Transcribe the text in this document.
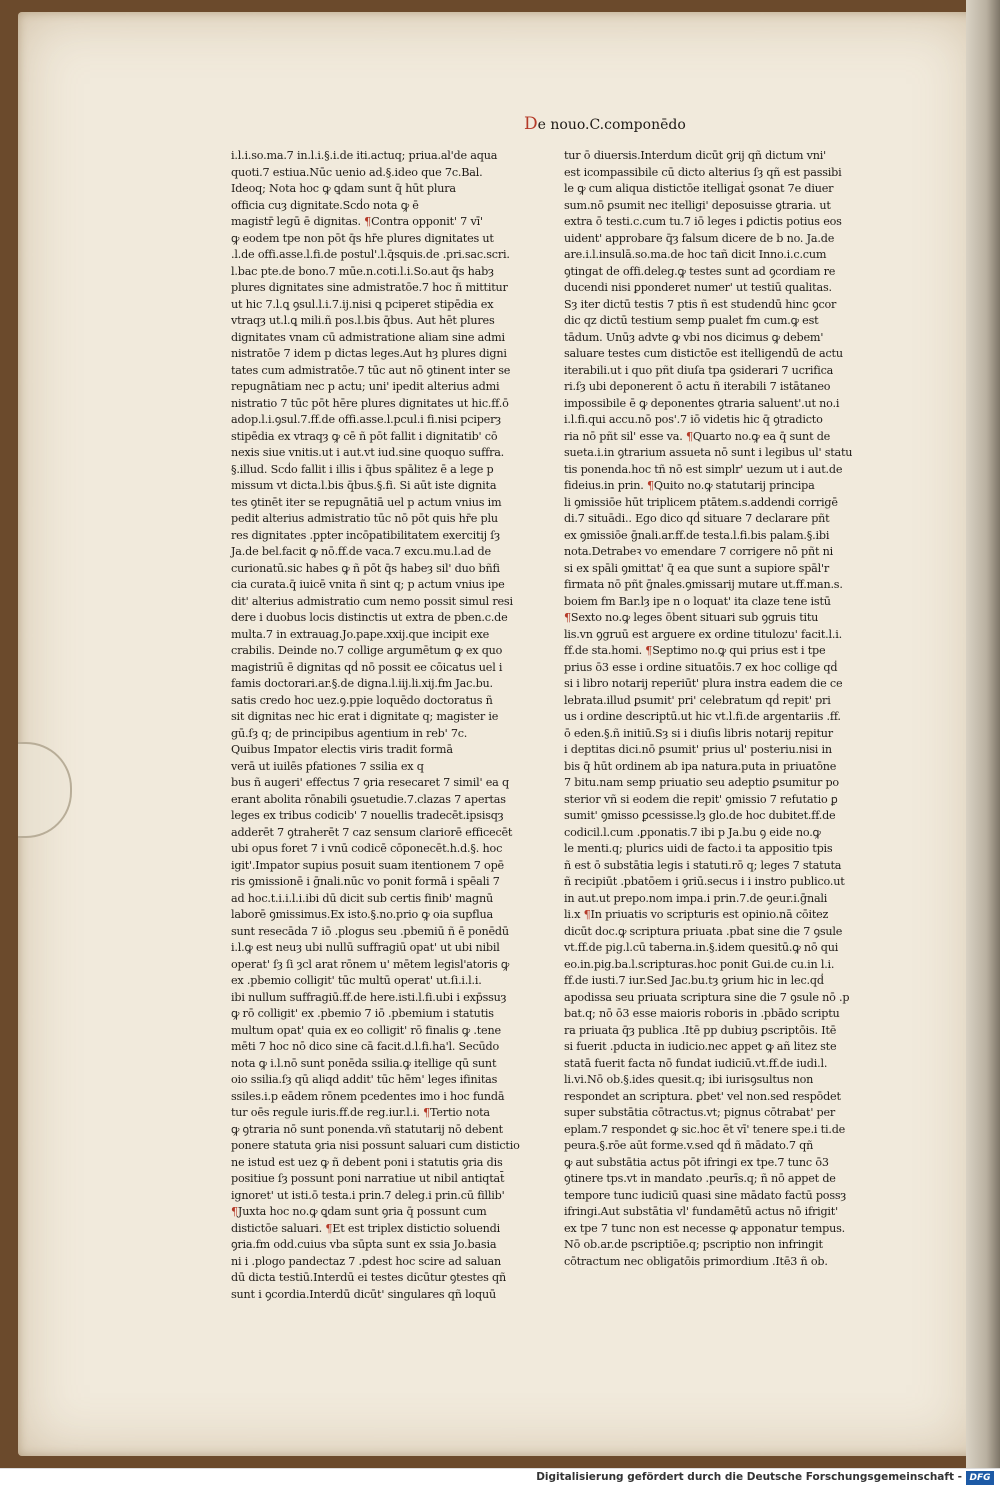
De nouo.C.componēdo
i.l.i.so.ma.7 in.l.i.§.i.de iti.actuq; priua.al'de aqua
quoti.7 estiua.Nūc uenio ad.§.ideo que 7c.Bal.
Ideoq; Nota hoc ꝙ ꝗdam sunt q̄ hūt plura
officia cuȝ dignitate.Scḋo nota ꝙ ē
magistr̄ legū ē dignitas. ¶Contra opponit' 7 vī'
ꝙ eodem tpe non pōt q̄s hr̄e plures dignitates ut
.l.de offi.asse.l.fi.de postul'.l.q̄squis.de .pri.sac.scri.
l.bac pte.de bono.7 mūe.n.coti.l.i.So.aut q̄s habȝ
plures dignitates sine admistratōe.7 hoc ñ mittitur
ut hic 7.l.ꝗ ꝯsul.l.i.7.ij.nisi ꝗ pciperet stipēdia ex
vtraqȝ ut.l.ꝗ mili.ñ pos.l.bis q̄bus. Aut hēt plures
dignitates vnam cū admistratione aliam sine admi
nistratōe 7 idem p dictas leges.Aut hȝ plures digni
tates cum admistratōe.7 tūc aut nō ꝯtinent inter se
repugnātiam nec p actu; uni' ipedit alterius admi
nistratio 7 tūc pōt hēre plures dignitates ut hic.ff.ō
adop.l.i.ꝯsul.7.ff.de offi.asse.l.pcul.i fi.nisi pciperȝ
stipēdia ex vtraqȝ ꝙ cē ñ pōt fallit i dignitatib' cō
nexis siue vnitis.ut i aut.vt iud.sine quoquo suffra.
§.illud. Scḋo fallit i illis i q̄bus spālitez ē a lege p
missum vt dicta.l.bis q̄bus.§.fi. Si aūt iste dignita
tes ꝯtinēt iter se repugnātiā uel p actum vnius im
pedit alterius admistratio tūc nō pōt quis hr̄e plu
res dignitates .ppter incōpatibilitatem exercitij ſȝ
Ja.de bel.facit ꝙ nō.ff.de vaca.7 excu.mu.l.ad de
curionatū.sic habes ꝙ ñ pōt q̄s habeȝ sil' duo bñfi
cia curata.q̄ iuicē vnita ñ sint q; p actum vnius ipe
dit' alterius admistratio cum nemo possit simul resi
dere i duobus locis distinctis ut extra de pben.c.de
multa.7 in extrauag.Jo.pape.xxij.que incipit exe
crabilis. Deinde no.7 collige argumētum ꝙ ex quo
magistriū ē dignitas qḋ nō possit ee cōicatus uel i
famis doctorari.ar.§.de digna.l.iij.li.xij.fm Jac.bu.
satis credo hoc uez.ꝯ.ppie loquēdo doctoratus ñ
sit dignitas nec hic erat i dignitate q; magister ie
gū.ſȝ q; de principibus agentium in reb' 7c.
Quibus Impator electis viris tradit formā
verā ut iuilēs pfationes 7 ssilia ex q
bus ñ augeri' effectus 7 ꝯria resecaret 7 simil' ea q
erant abolita rōnabili ꝯsuetudie.7.clazas 7 apertas
leges ex tribus codicib' 7 nouellis tradecēt.ipsisqȝ
adderēt 7 ꝯtraherēt 7 caz sensum clariorē efficecēt
ubi opus foret 7 i vnū codicē cōponecēt.h.d.§. hoc
igit'.Impator supius posuit suam itentionem 7 opē
ris ꝯmissionē i ḡnali.nūc vo ponit formā i spēali 7
ad hoc.t.i.i.l.i.ibi dū dicit sub certis finib' magnū
laborē ꝯmissimus.Ex isto.§.no.prio ꝙ oia supflua
sunt resecāda 7 iō .plogus seu .pbemiū ñ ē ponēdū
i.l.ꝙ est neuȝ ubi nullū suffragiū opat' ut ubi nibil
operat' ſȝ ſi ȝcl arat rōnem u' mētem legisl'atoris ꝙ
ex .pbemio colligit' tūc multū operat' ut.ſi.i.l.i.
ibi nullum suffragiū.ff.de here.isti.l.fi.ubi i exp̄ssuȝ
ꝙ rō colligit' ex .pbemio 7 iō .pbemium i statutis
multum opat' quia ex eo colligit' rō finalis ꝙ .tene
mēti 7 hoc nō dico sine cā facit.d.l.fi.ha'l. Secūdo
nota ꝙ i.l.nō sunt ponēda ssilia.ꝙ itellige qū sunt
oio ssilia.ſȝ qū aliqd addit' tūc hēm' leges ifinitas
ssiles.i.p eādem rōnem pcedentes imo i hoc fundā
tur oēs regule iuris.ff.de reg.iur.l.i. ¶Tertio nota
ꝙ ꝯtraria nō sunt ponenda.vñ statutarij nō debent
ponere statuta ꝯria nisi possunt saluari cum distictio
ne istud est uez ꝙ ñ debent poni i statutis ꝯria dis
positiue ſȝ possunt poni narratiue ut nibil antiqtat̄
ignoret' ut isti.ō testa.i prin.7 deleg.i prin.cū fillib'
¶Juxta hoc no.ꝙ ꝗdam sunt ꝯria q̄ possunt cum
distictōe saluari. ¶Et est triplex distictio soluendi
ꝯria.fm odd.cuius vba sūpta sunt ex ssia Jo.basia
ni i .plogo pandectaz 7 .pdest hoc scire ad saluan
dū dicta testiū.Interdū ei testes dicūtur ꝯtestes qñ
sunt i ꝯcordia.Interdū dicūt' singulares qñ loquū
tur ō diuersis.Interdum dicūt ꝯrij qñ dictum vni'
est icompassibile cū dicto alterius ſȝ qñ est passibi
le ꝙ cum aliqua distictōe itelligaṫ ꝯsonat 7e diuer
sum.nō ꝑsumit nec itelligi' deposuisse ꝯtraria. ut
extra ō testi.c.cum tu.7 iō leges i ꝑdictis potius eos
uident' approbare q̄ȝ falsum dicere de b no. Ja.de
are.i.l.insulā.so.ma.de hoc tañ dicit Inno.i.c.cum
ꝯtingat de offi.deleg.ꝙ testes sunt ad ꝯcordiam re
ducendi nisi ꝑponderet numer' ut testiū qualitas.
Sȝ iter dictū testis 7 ptis ñ est studendū hinc ꝯcor
dic qz dictū testium semp ꝑualet fm cum.ꝙ est
tādum. Unūȝ advte ꝙ vbi nos dicimus ꝙ debem'
saluare testes cum distictōe est itelligendū de actu
iterabili.ut i quo pñt diuſa tpa ꝯsiderari 7 ucrifica
ri.ſȝ ubi deponerent ō actu ñ iterabili 7 istātaneo
impossibile ē ꝙ deponentes ꝯtraria saluent'.ut no.i
i.l.fi.qui accu.nō pos'.7 iō videtis hic q̄ ꝯtradicto
ria nō pñt sil' esse va. ¶Quarto no.ꝙ ea q̄ sunt de
sueta.i.in ꝯtrarium assueta nō sunt i legibus ul' statu
tis ponenda.hoc tñ nō est simplr' uezum ut i aut.de
fideius.in prin. ¶Quito no.ꝙ statutarij principa
li ꝯmissiōe hūt triplicem ptātem.s.addendi corrigē
di.7 situādi.. Ego dico qḋ situare 7 declarare pñt
ex ꝯmissiōe ḡnali.ar.ff.de testa.l.fi.bis palam.§.ibi
nota.Detrabeꝛ vo emendare 7 corrigere nō pñt ni
si ex spāli ꝯmittat' q̄ ea que sunt a supiore spāl'r
firmata nō pñt ḡnales.ꝯmissarij mutare ut.ff.man.s.
boiem fm Bar.lȝ ipe n o loquat' ita claze tene istū
¶Sexto no.ꝙ leges ōbent situari sub ꝯgruis titu
lis.vn ꝯgruū est arguere ex ordine titulozu' facit.l.i.
ff.de sta.homi. ¶Septimo no.ꝙ qui prius est i tpe
prius ō3 esse i ordine situatōis.7 ex hoc collige qḋ
si i libro notarij reperiūt' plura instra eadem die ce
lebrata.illud ꝑsumit' pri' celebratum qḋ repit' pri
us i ordine descriptū.ut hic vt.l.fi.de argentariis .ff.
ō eden.§.ñ initiū.Sȝ si i diuſis libris notarij repitur
i deptitas dici.nō ꝑsumit' prius ul' posteriu.nisi in
bis q̄ hūt ordinem ab ipa natura.puta in priuatōne
7 bitu.nam semp priuatio seu adeptio ꝑsumitur po
sterior vñ si eodem die repit' ꝯmissio 7 refutatio ꝑ
sumit' ꝯmisso ꝑcessisse.lȝ glo.de hoc dubitet.ff.de
codicil.l.cum .ꝑponatis.7 ibi p Ja.bu ꝯ eide no.ꝙ
le menti.q; plurics uidi de facto.i ta appositio tpis
ñ est ō substātia legis i statuti.rō q; leges 7 statuta
ñ recipiūt .pbatōem i ꝯriū.secus i i instro publico.ut
in aut.ut prepo.nom impa.i prin.7.de ꝯeur.i.ḡnali
li.x ¶In priuatis vo scripturis est opinio.nā cōitez
dicūt doc.ꝙ scriptura priuata .pbat sine die 7 ꝯsule
vt.ff.de pig.l.cū taberna.in.§.idem quesitū.ꝙ nō qui
eo.in.pig.ba.l.scripturas.hoc ponit Gui.de cu.in l.i.
ff.de iusti.7 iur.Sed Jac.bu.tȝ ꝯrium hic in lec.qḋ
apodissa seu priuata scriptura sine die 7 ꝯsule nō .p
bat.q; nō ō3 esse maioris roboris in .pbādo scriptu
ra priuata q̄ȝ publica .Itē pp dubiuȝ ꝑscriptōis. Itē
si fuerit .pducta in iudicio.nec appet ꝙ añ litez ste
statā fuerit facta nō fundat iudiciū.vt.ff.de iudi.l.
li.vi.Nō ob.§.ides quesit.q; ibi iurisꝯsultus non
respondet an scriptura. ꝑbet' vel non.sed respōdet
super substātia cōtractus.vt; pignus cōtrabat' per
eplam.7 respondet ꝙ sic.hoc ēt vī' tenere spe.i ti.de
peura.§.rōe aūt forme.v.sed qḋ ñ mādato.7 qñ
ꝙ aut substātia actus pōt ifringi ex tpe.7 tunc ō3
ꝯtinere tps.vt in mandato .peurīs.q; ñ nō appet de
tempore tunc iudiciū quasi sine mādato factū possȝ
ifringi.Aut substātia vl' fundamētū actus nō ifrigit'
ex tpe 7 tunc non est necesse ꝙ apponatur tempus.
Nō ob.ar.de pscriptiōe.q; pscriptio non infringit
cōtractum nec obligatōis primordium .Itē3 ñ ob.
Digitalisierung gefördert durch die Deutsche Forschungsgemeinschaft - DFG
